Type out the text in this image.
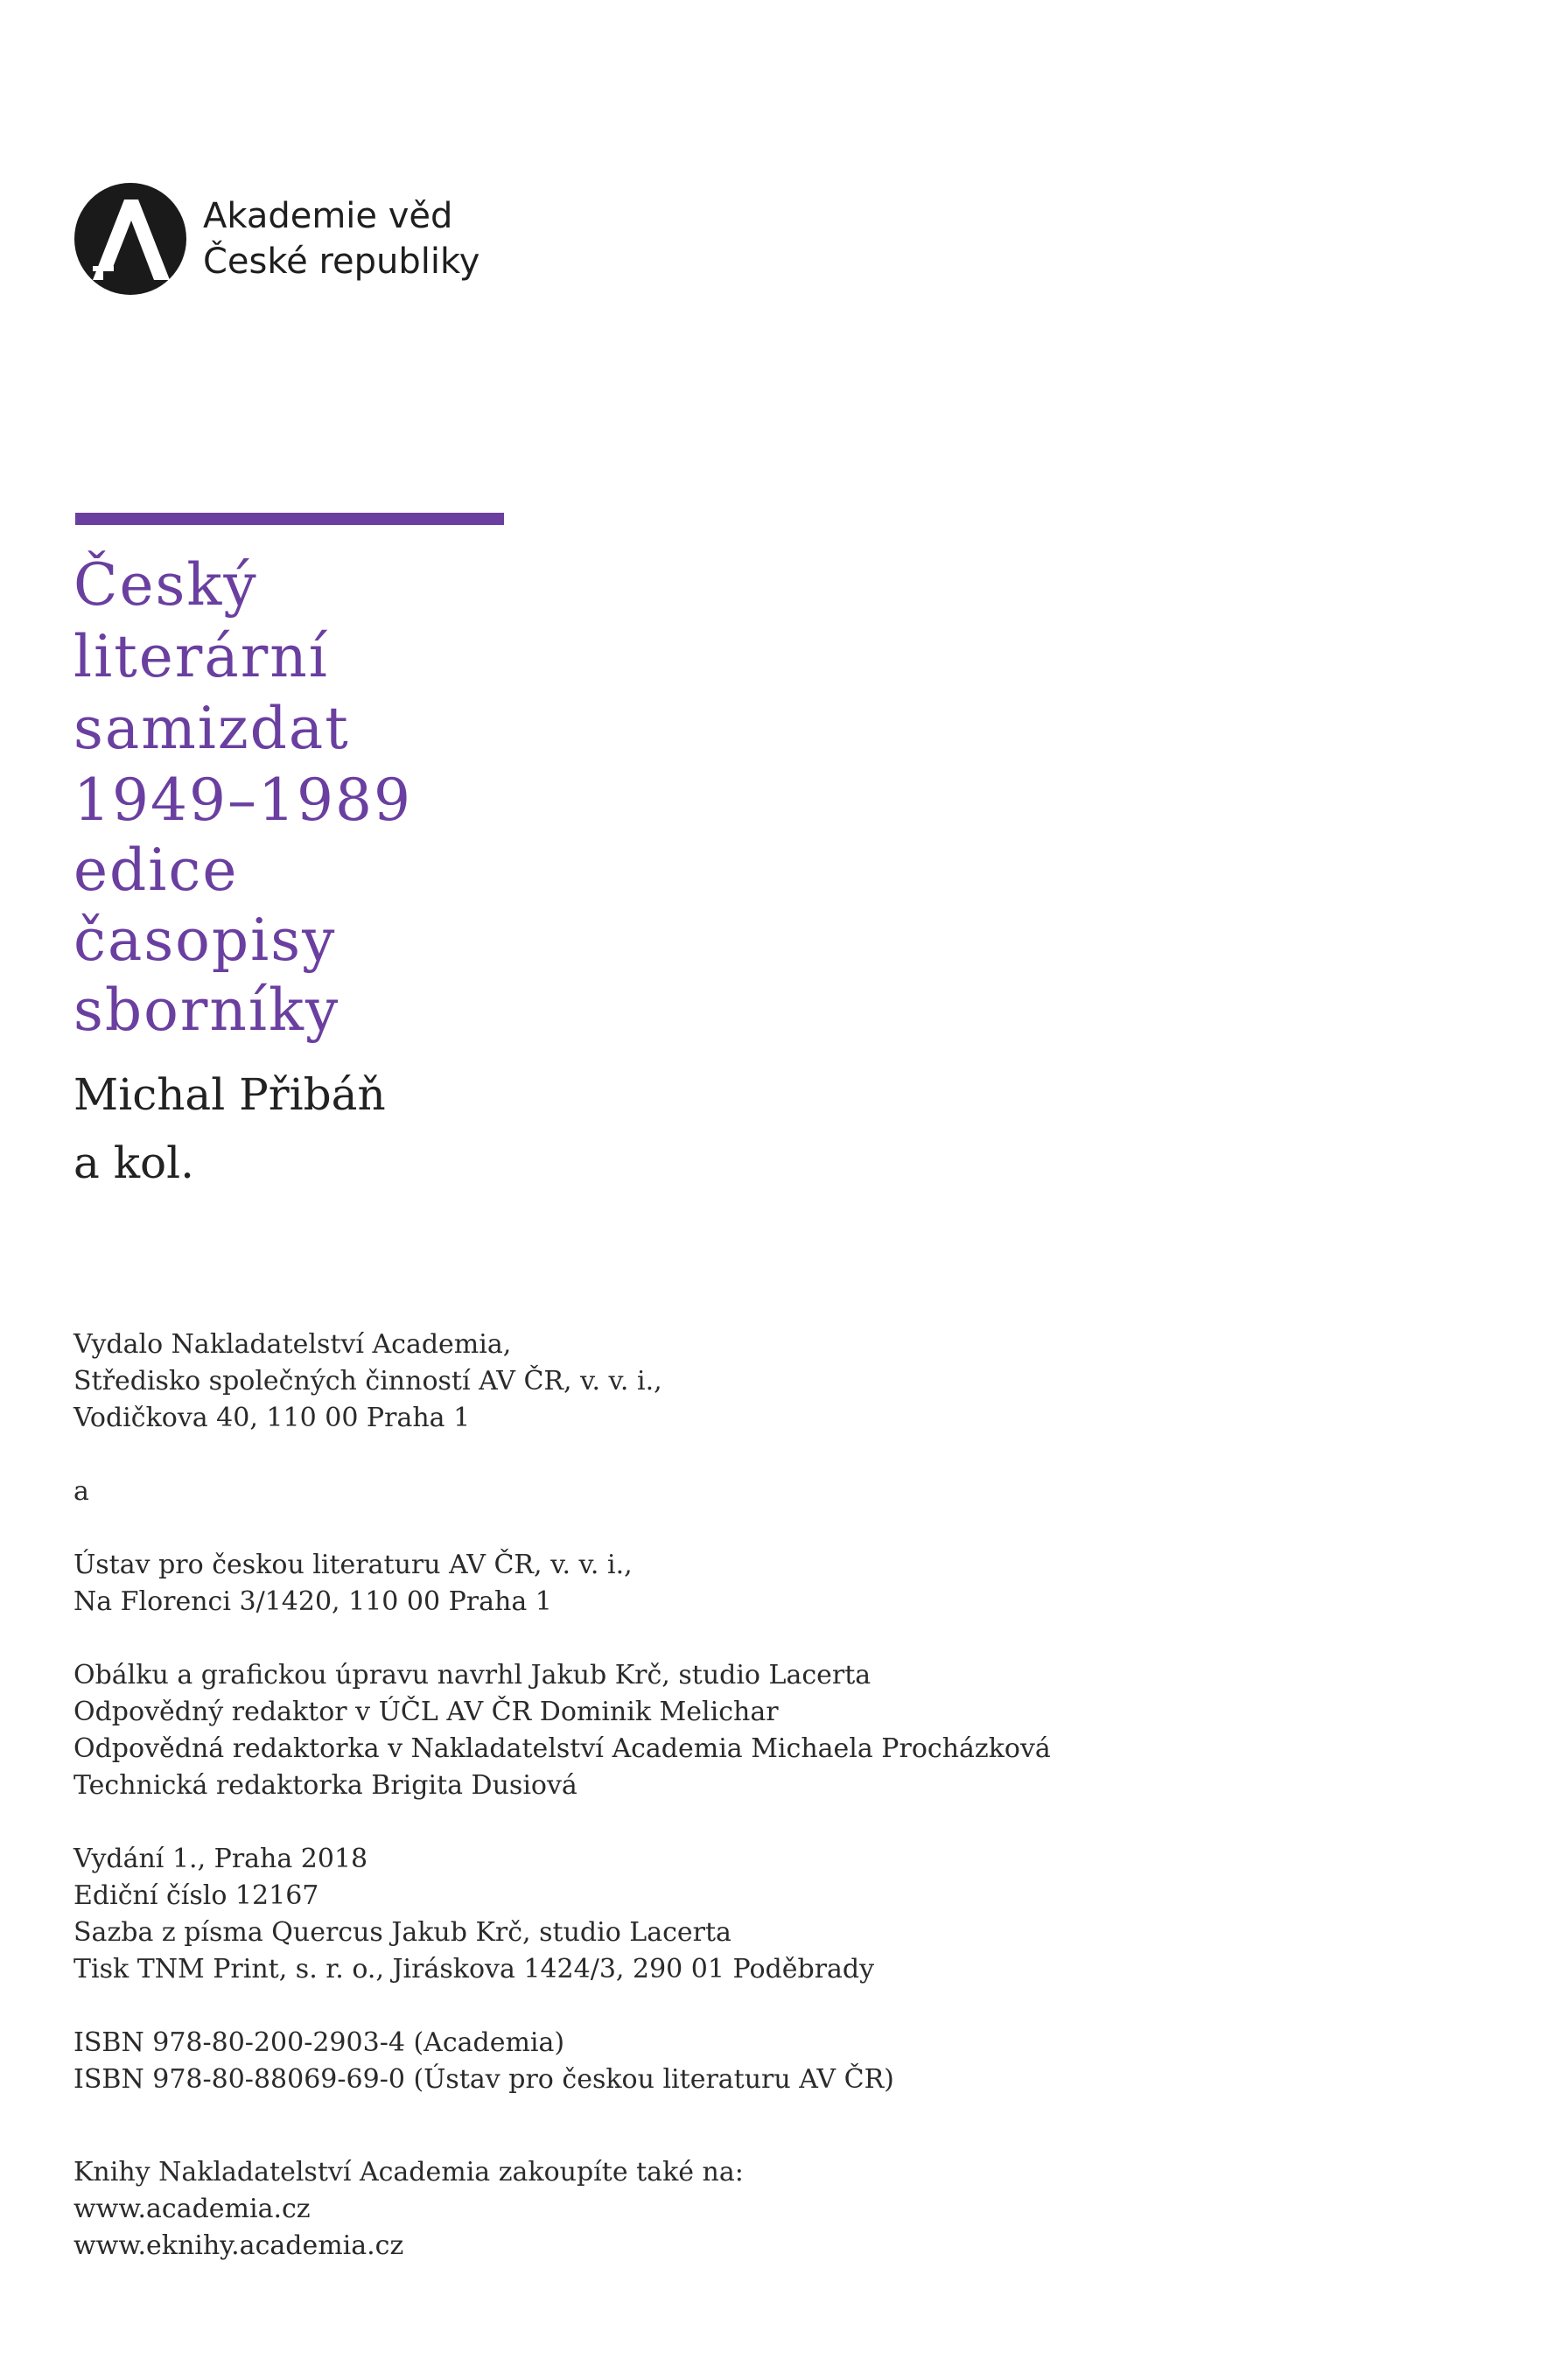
Akademie věd
České republiky
Český
literární
samizdat
1949–1989
edice
časopisy
sborníky
Michal Přibáň
a kol.
Vydalo Nakladatelství Academia,
Středisko společných činností AV ČR, v. v. i.,
Vodičkova 40, 110 00 Praha 1
a
Ústav pro českou literaturu AV ČR, v. v. i.,
Na Florenci 3/1420, 110 00 Praha 1
Obálku a grafickou úpravu navrhl Jakub Krč, studio Lacerta
Odpovědný redaktor v ÚČL AV ČR Dominik Melichar
Odpovědná redaktorka v Nakladatelství Academia Michaela Procházková
Technická redaktorka Brigita Dusiová
Vydání 1., Praha 2018
Ediční číslo 12167
Sazba z písma Quercus Jakub Krč, studio Lacerta
Tisk TNM Print, s. r. o., Jiráskova 1424/3, 290 01 Poděbrady
ISBN 978-80-200-2903-4 (Academia)
ISBN 978-80-88069-69-0 (Ústav pro českou literaturu AV ČR)
Knihy Nakladatelství Academia zakoupíte také na:
www.academia.cz
www.eknihy.academia.cz
